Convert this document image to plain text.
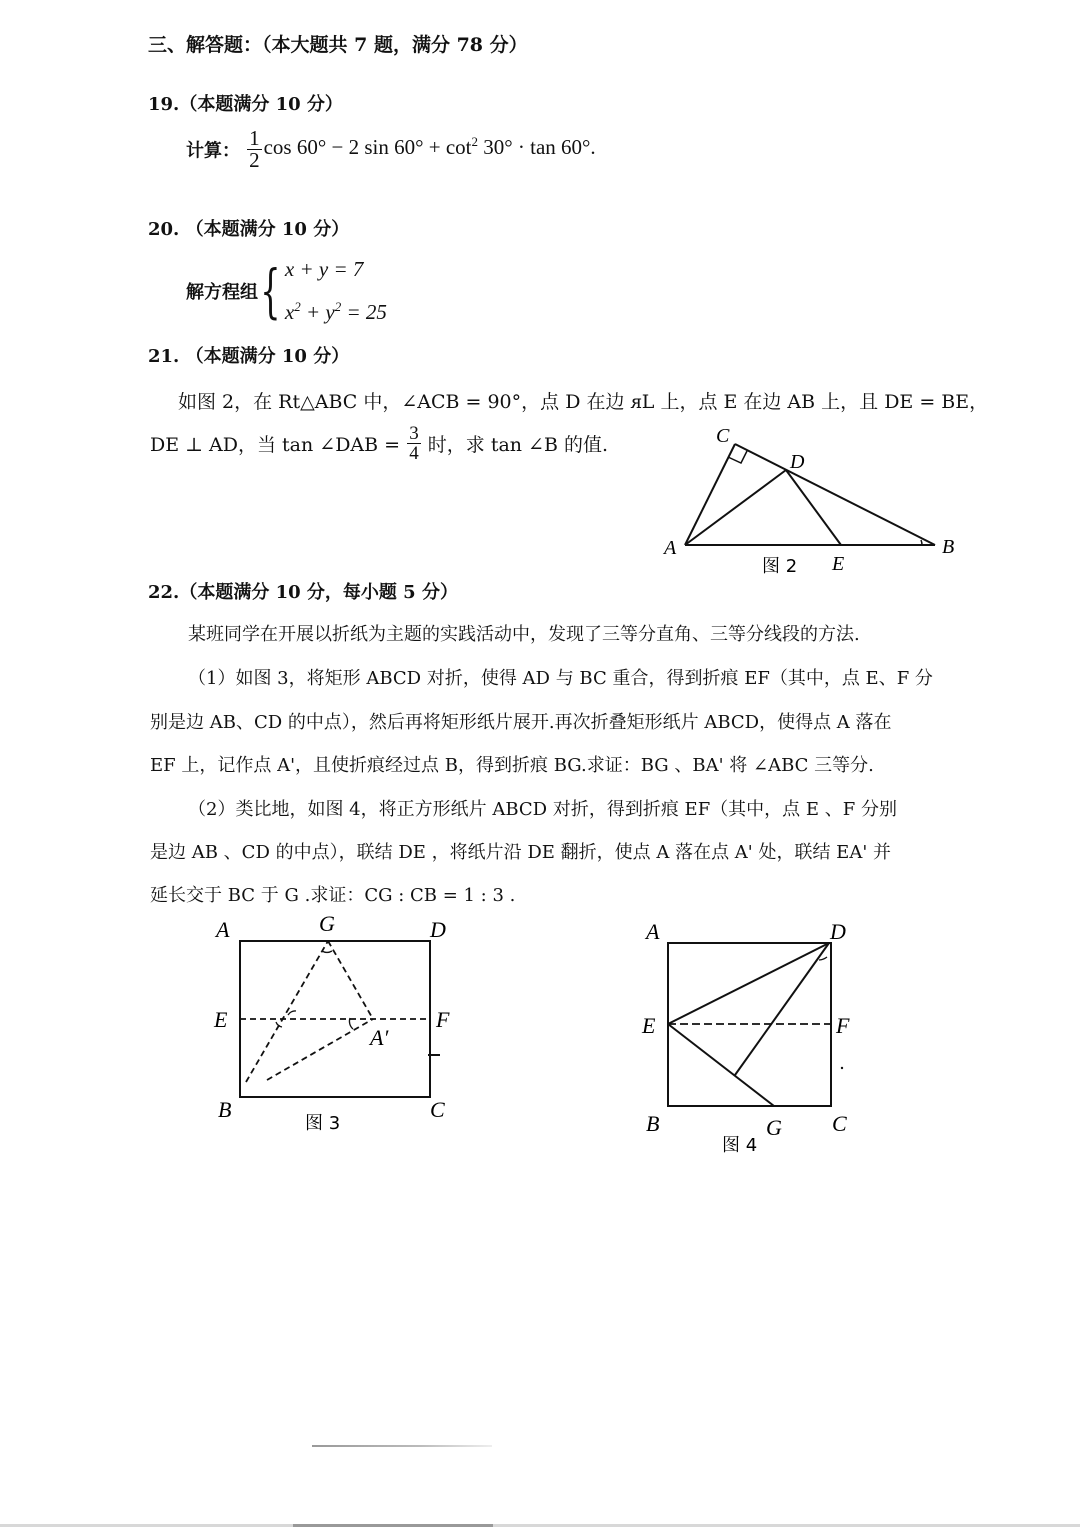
三、解答题：（本大题共 7 题，满分 78 分）
19.（本题满分 10 分）
计算： $\frac{1}{2}$ cos 60° − 2 $\sin 60^\circ + \cot^2 30^\circ \cdot \tan 60^\circ$.
20. （本题满分 10 分）
解方程组 { x + y = 7
$x^2 + y^2 = 25$
21. （本题满分 10 分）
如图 2，在 Rt△ABC 中，∠ACB = 90°，点 D 在边 ᴙL 上，点 E 在边 AB 上，且 DE = BE，
DE ⊥ AD，当 tan ∠DAB = $\frac{3}{4}$ 时，求 tan ∠B 的值.	C
D
A	B
E
图 2
22.（本题满分 10 分，每小题 5 分）
某班同学在开展以折纸为主题的实践活动中，发现了三等分直角、三等分线段的方法.
（1）如图 3，将矩形 ABCD 对折，使得 AD 与 BC 重合，得到折痕 EF（其中，点 E、F 分
别是边 AB、CD 的中点），然后再将矩形纸片展开.再次折叠矩形纸片 ABCD，使得点 A 落在
EF 上，记作点 A'，且使折痕经过点 B，得到折痕 BG.求证：BG 、BA' 将 ∠ABC 三等分.
（2）类比地，如图 4，将正方形纸片 ABCD 对折，得到折痕 EF（其中，点 E 、F 分别
是边 AB 、CD 的中点），联结 DE ，将纸片沿 DE 翻折，使点 A 落在点 A' 处，联结 EA' 并
延长交于 BC 于 G .求证：CG : CB = 1 : 3 .
A	G	D
E	F
A′
B	C
图 3
A	D
E	F
B	G C
图 4
